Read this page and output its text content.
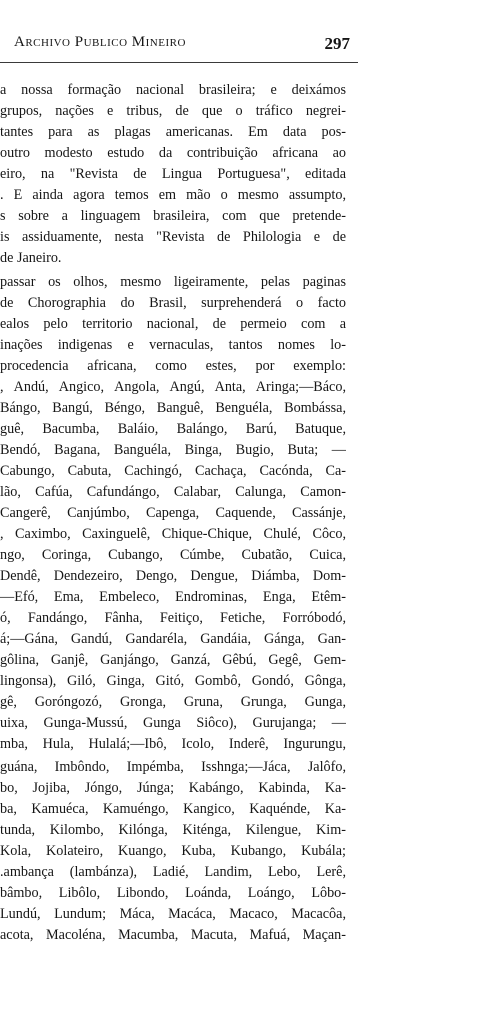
Archivo Publico Mineiro	297
a nossa formação nacional brasileira; e deixámos
grupos, nações e tribus, de que o tráfico negrei-
tantes para as plagas americanas. Em data pos-
outro modesto estudo da contribuição africana ao
eiro, na "Revista de Lingua Portuguesa", editada
. E ainda agora temos em mão o mesmo assumpto,
s sobre a linguagem brasileira, com que pretende-
is assiduamente, nesta "Revista de Philologia e de
de Janeiro.
passar os olhos, mesmo ligeiramente, pelas paginas
de Chorographia do Brasil, surprehenderá o facto
ealos pelo territorio nacional, de permeio com a
inações indigenas e vernaculas, tantos nomes lo-
procedencia africana, como estes, por exemplo:
, Andú, Angico, Angola, Angú, Anta, Aringa;—Báco,
Bángo, Bangú, Béngo, Banguê, Benguéla, Bombássa,
guê, Bacumba, Baláio, Balángo, Barú, Batuque,
Bendó, Bagana, Banguéla, Binga, Bugio, Buta; —
Cabungo, Cabuta, Cachingó, Cachaça, Cacónda, Ca-
lão, Cafúa, Cafundángo, Calabar, Calunga, Camon-
Cangerê, Canjúmbo, Capenga, Caquende, Cassánje,
, Caximbo, Caxinguelê, Chique-Chique, Chulé, Côco,
ngo, Coringa, Cubango, Cúmbe, Cubatão, Cuica,
Dendê, Dendezeiro, Dengo, Dengue, Diámba, Dom-
—Efó, Ema, Embeleco, Endrominas, Enga, Etêm-
ó, Fandángo, Fânha, Feitiço, Fetiche, Forróbodó,
á;—Gána, Gandú, Gandaréla, Gandáia, Gánga, Gan-
gôlina, Ganjê, Ganjángo, Ganzá, Gêbú, Gegê, Gem-
lingonsa), Giló, Ginga, Gitó, Gombô, Gondó, Gônga,
gê, Goróngozó, Gronga, Gruna, Grunga, Gunga,
uixa, Gunga-Mussú, Gunga Siôco), Gurujanga; —
mba, Hula, Hulalá;—Ibô, Icolo, Inderê, Ingurungu,
guána, Imbôndo, Impémba, Isshnga;—Jáca, Jalôfo,
bo, Jojiba, Jóngo, Júnga; Kabángo, Kabinda, Ka-
ba, Kamuéca, Kamuéngo, Kangico, Kaquénde, Ka-
tunda, Kilombo, Kilónga, Kiténga, Kilengue, Kim-
Kola, Kolateiro, Kuango, Kuba, Kubango, Kubála;
.ambança (lambánza), Ladié, Landim, Lebo, Lerê,
bâmbo, Libôlo, Libondo, Loánda, Loángo, Lôbo-
Lundú, Lundum; Máca, Macáca, Macaco, Macacôa,
acota, Macoléna, Macumba, Macuta, Mafuá, Maçan-
